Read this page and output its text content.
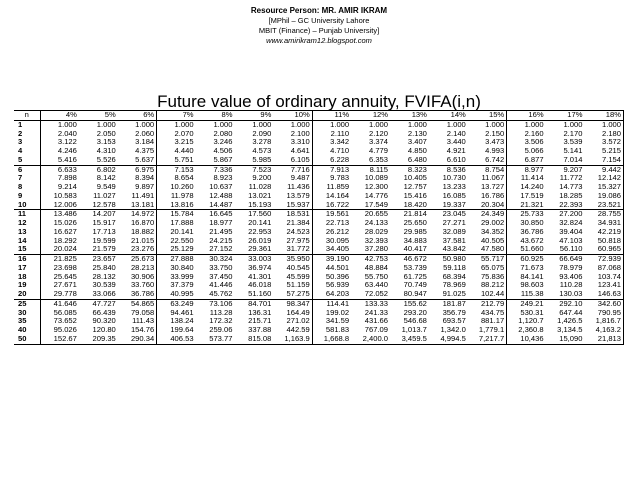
Resource Person: MR. AMIR IKRAM
[MPhil – GC University Lahore
MBIT (Finance) – Punjab University]
www.amirikram12.blogspot.com
Future value of ordinary annuity, FVIFA(i,n)
n	4%	5%	6%	7%	8%	9%	10%	11%	12%	13%	14%	15%	16%	17%	18%
1	1.000	1.000	1.000	1.000	1.000	1.000	1.000	1.000	1.000	1.000	1.000	1.000	1.000	1.000	1.000
2	2.040	2.050	2.060	2.070	2.080	2.090	2.100	2.110	2.120	2.130	2.140	2.150	2.160	2.170	2.180
3	3.122	3.153	3.184	3.215	3.246	3.278	3.310	3.342	3.374	3.407	3.440	3.473	3.506	3.539	3.572
4	4.246	4.310	4.375	4.440	4.506	4.573	4.641	4.710	4.779	4.850	4.921	4.993	5.066	5.141	5.215
5	5.416	5.526	5.637	5.751	5.867	5.985	6.105	6.228	6.353	6.480	6.610	6.742	6.877	7.014	7.154
6	6.633	6.802	6.975	7.153	7.336	7.523	7.716	7.913	8.115	8.323	8.536	8.754	8.977	9.207	9.442
7	7.898	8.142	8.394	8.654	8.923	9.200	9.487	9.783	10.089	10.405	10.730	11.067	11.414	11.772	12.142
8	9.214	9.549	9.897	10.260	10.637	11.028	11.436	11.859	12.300	12.757	13.233	13.727	14.240	14.773	15.327
9	10.583	11.027	11.491	11.978	12.488	13.021	13.579	14.164	14.776	15.416	16.085	16.786	17.519	18.285	19.086
10	12.006	12.578	13.181	13.816	14.487	15.193	15.937	16.722	17.549	18.420	19.337	20.304	21.321	22.393	23.521
11	13.486	14.207	14.972	15.784	16.645	17.560	18.531	19.561	20.655	21.814	23.045	24.349	25.733	27.200	28.755
12	15.026	15.917	16.870	17.888	18.977	20.141	21.384	22.713	24.133	25.650	27.271	29.002	30.850	32.824	34.931
13	16.627	17.713	18.882	20.141	21.495	22.953	24.523	26.212	28.029	29.985	32.089	34.352	36.786	39.404	42.219
14	18.292	19.599	21.015	22.550	24.215	26.019	27.975	30.095	32.393	34.883	37.581	40.505	43.672	47.103	50.818
15	20.024	21.579	23.276	25.129	27.152	29.361	31.772	34.405	37.280	40.417	43.842	47.580	51.660	56.110	60.965
16	21.825	23.657	25.673	27.888	30.324	33.003	35.950	39.190	42.753	46.672	50.980	55.717	60.925	66.649	72.939
17	23.698	25.840	28.213	30.840	33.750	36.974	40.545	44.501	48.884	53.739	59.118	65.075	71.673	78.979	87.068
18	25.645	28.132	30.906	33.999	37.450	41.301	45.599	50.396	55.750	61.725	68.394	75.836	84.141	93.406	103.74
19	27.671	30.539	33.760	37.379	41.446	46.018	51.159	56.939	63.440	70.749	78.969	88.212	98.603	110.28	123.41
20	29.778	33.066	36.786	40.995	45.762	51.160	57.275	64.203	72.052	80.947	91.025	102.44	115.38	130.03	146.63
25	41.646	47.727	54.865	63.249	73.106	84.701	98.347	114.41	133.33	155.62	181.87	212.79	249.21	292.10	342.60
30	56.085	66.439	79.058	94.461	113.28	136.31	164.49	199.02	241.33	293.20	356.79	434.75	530.31	647.44	790.95
35	73.652	90.320	111.43	138.24	172.32	215.71	271.02	341.59	431.66	546.68	693.57	881.17	1,120.7	1,426.5	1,816.7
40	95.026	120.80	154.76	199.64	259.06	337.88	442.59	581.83	767.09	1,013.7	1,342.0	1,779.1	2,360.8	3,134.5	4,163.2
50	152.67	209.35	290.34	406.53	573.77	815.08	1,163.9	1,668.8	2,400.0	3,459.5	4,994.5	7,217.7	10,436	15,090	21,813
